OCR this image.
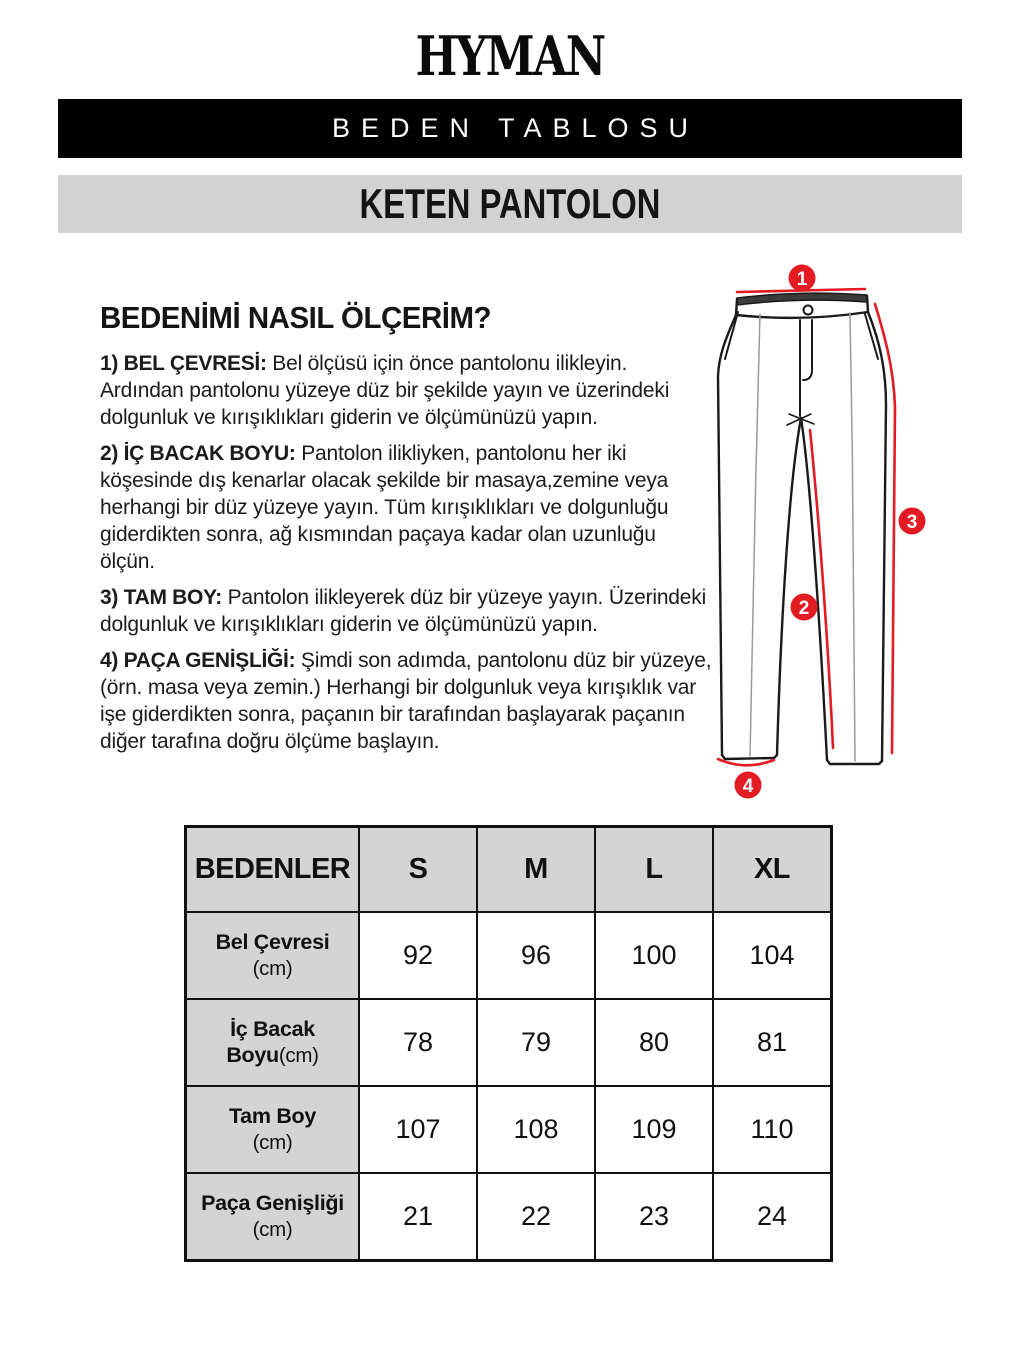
HYMAN
BEDEN TABLOSU
KETEN PANTOLON
BEDENİMİ NASIL ÖLÇERİM?

1) BEL ÇEVRESİ: Bel ölçüsü için önce pantolonu ilikleyin. Ardından pantolonu yüzeye düz bir şekilde yayın ve üzerindeki dolgunluk ve kırışıklıkları giderin ve ölçümünüzü yapın.

2) İÇ BACAK BOYU: Pantolon ilikliyken, pantolonu her iki köşesinde dış kenarlar olacak şekilde bir masaya,zemine veya herhangi bir düz yüzeye yayın. Tüm kırışıklıkları ve dolgunluğu giderdikten sonra, ağ kısmından paçaya kadar olan uzunluğu ölçün.

3) TAM BOY: Pantolon ilikleyerek düz bir yüzeye yayın. Üzerindeki dolgunluk ve kırışıklıkları giderin ve ölçümünüzü yapın.

4) PAÇA GENİŞLİĞİ: Şimdi son adımda, pantolonu düz bir yüzeye, (örn. masa veya zemin.) Herhangi bir dolgunluk veya kırışıklık var işe giderdikten sonra, paçanın bir tarafından başlayarak paçanın diğer tarafına doğru ölçüme başlayın.

1
2
3
4
BEDENLER	S	M	L	XL

Bel Çevresi
(cm)	92	96	100	104

İç Bacak
Boyu(cm)	78	79	80	81

Tam Boy
(cm)	107	108	109	110

Paça Genişliği
(cm)	21	22	23	24
